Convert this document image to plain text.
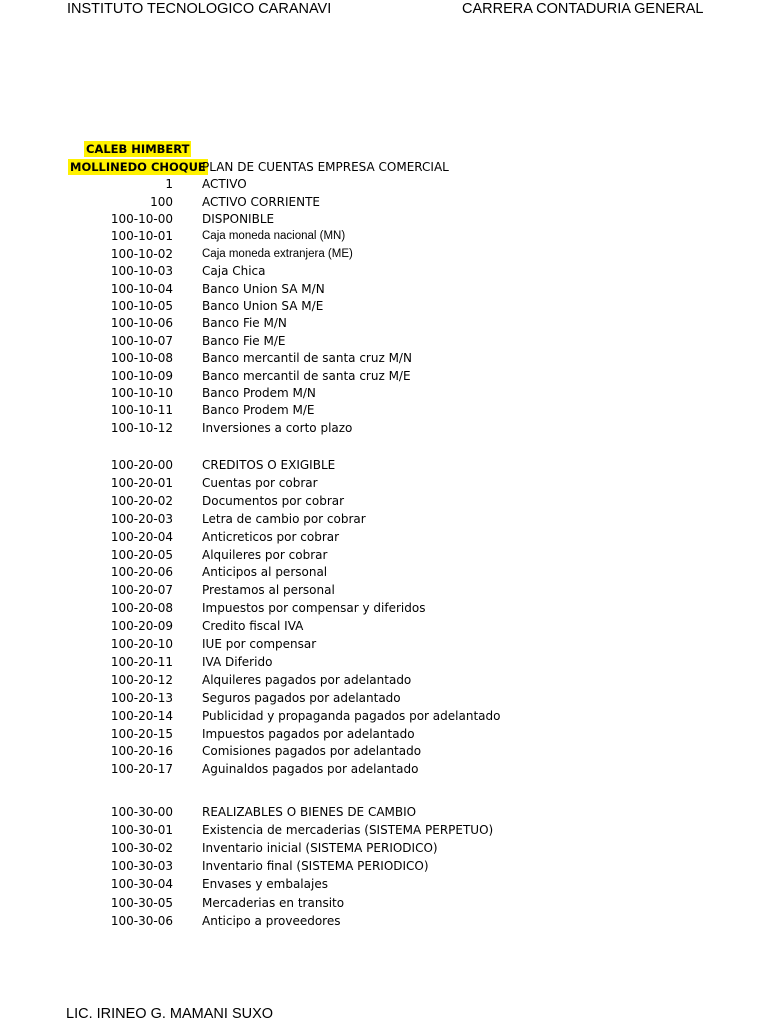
INSTITUTO TECNOLOGICO CARANAVI	CARRERA CONTADURIA GENERAL
CALEB HIMBERT
MOLLINEDO CHOQUE
PLAN DE CUENTAS EMPRESA COMERCIAL
1 ACTIVO
100 ACTIVO CORRIENTE
100-10-00 DISPONIBLE
100-10-01	Caja moneda nacional (MN)
100-10-02	Caja moneda extranjera (ME)
100-10-03 Caja Chica
100-10-04 Banco Union SA M/N
100-10-05 Banco Union SA M/E
100-10-06 Banco Fie M/N
100-10-07 Banco Fie M/E
100-10-08 Banco mercantil de santa cruz M/N
100-10-09 Banco mercantil de santa cruz M/E
100-10-10 Banco Prodem M/N
100-10-11 Banco Prodem M/E
100-10-12 Inversiones a corto plazo
100-20-00 CREDITOS O EXIGIBLE
100-20-01 Cuentas por cobrar
100-20-02 Documentos por cobrar
100-20-03 Letra de cambio por cobrar
100-20-04 Anticreticos por cobrar
100-20-05 Alquileres por cobrar
100-20-06 Anticipos al personal
100-20-07 Prestamos al personal
100-20-08 Impuestos por compensar y diferidos
100-20-09 Credito fiscal IVA
100-20-10 IUE por compensar
100-20-11 IVA Diferido
100-20-12 Alquileres pagados por adelantado
100-20-13 Seguros pagados por adelantado
100-20-14 Publicidad y propaganda pagados por adelantado
100-20-15 Impuestos pagados por adelantado
100-20-16 Comisiones pagados por adelantado
100-20-17 Aguinaldos pagados por adelantado
100-30-00 REALIZABLES O BIENES DE CAMBIO
100-30-01 Existencia de mercaderias (SISTEMA PERPETUO)
100-30-02 Inventario inicial (SISTEMA PERIODICO)
100-30-03 Inventario final (SISTEMA PERIODICO)
100-30-04 Envases y embalajes
100-30-05 Mercaderias en transito
100-30-06 Anticipo a proveedores
LIC. IRINEO G. MAMANI SUXO
